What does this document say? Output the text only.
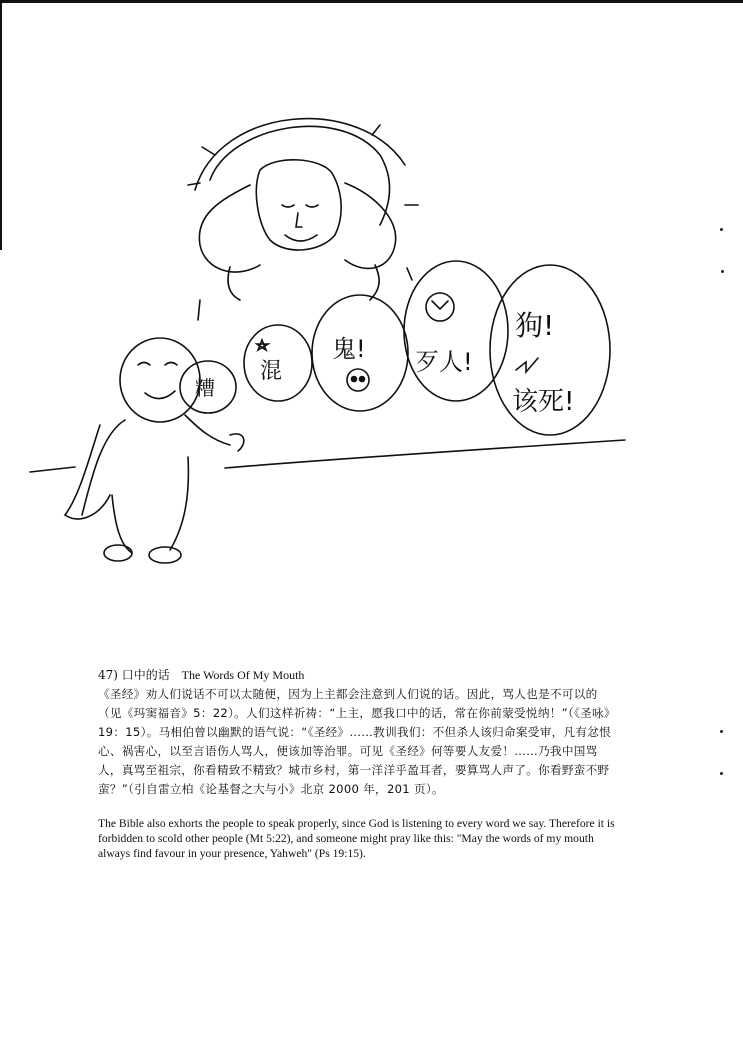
糟
混
鬼! 歹人!
狗!
该死!
47) 口中的话 The Words Of My Mouth
《圣经》劝人们说话不可以太随便，因为上主都会注意到人们说的话。因此，骂人也是不可以的（见《玛窦福音》5：22）。人们这样祈祷：“上主，愿我口中的话，常在你前蒙受悦纳！”（《圣咏》19：15）。马相伯曾以幽默的语气说：“《圣经》……教训我们：不但杀人该归命案受审，凡有忿恨心、祸害心，以至言语伤人骂人，便该加等治罪。可见《圣经》何等要人友爱！……乃我中国骂人，真骂至祖宗，你看精致不精致？城市乡村，第一洋洋乎盈耳者，要算骂人声了。你看野蛮不野蛮？”（引自雷立柏《论基督之大与小》北京 2000 年，201 页）。
The Bible also exhorts the people to speak properly, since God is listening to every word we say. Therefore it is forbidden to scold other people (Mt 5:22), and someone might pray like this: "May the words of my mouth always find favour in your presence, Yahweh" (Ps 19:15).
